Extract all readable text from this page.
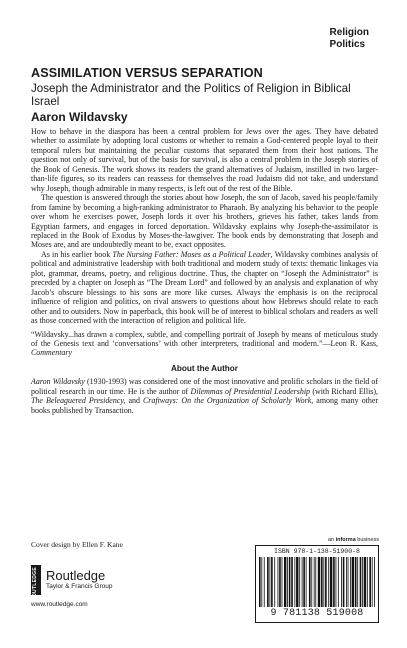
Religion
Politics
ASSIMILATION VERSUS SEPARATION
Joseph the Administrator and the Politics of Religion in Biblical Israel
Aaron Wildavsky

How to behave in the diaspora has been a central problem for Jews over the ages. They have debated whether to assimilate by adopting local customs or whether to remain a God-centered people loyal to their temporal rulers but maintaining the peculiar customs that separated them from their host nations. The question not only of survival, but of the basis for survival, is also a central problem in the Joseph stories of the Book of Genesis. The work shows its readers the grand alternatives of Judaism, instilled in two larger-than-life figures, so its readers can reassess for themselves the road Judaism did not take, and understand why Joseph, though admirable in many respects, is left out of the rest of the Bible.

The question is answered through the stories about how Joseph, the son of Jacob, saved his people/family from famine by becoming a high-ranking administrator to Pharaoh. By analyzing his behavior to the people over whom he exercises power, Joseph lords it over his brothers, grieves his father, takes lands from Egyptian farmers, and engages in forced deportation. Wildavsky explains why Joseph-the-assimilator is replaced in the Book of Exodus by Moses-the-lawgiver. The book ends by demonstrating that Joseph and Moses are, and are undoubtedly meant to be, exact opposites.

As in his earlier book The Nursing Father: Moses as a Political Leader, Wildavsky combines analysis of political and administrative leadership with both traditional and modern study of texts: thematic linkages via plot, grammar, dreams, poetry, and religious doctrine. Thus, the chapter on “Joseph the Administrator” is preceded by a chapter on Joseph as “The Dream Lord” and followed by an analysis and explanation of why Jacob’s obscure blessings to his sons are more like curses. Always the emphasis is on the reciprocal influence of religion and politics, on rival answers to questions about how Hebrews should relate to each other and to outsiders. Now in paperback, this book will be of interest to biblical scholars and readers as well as those concerned with the interaction of religion and political life.

“Wildavsky...has drawn a complex, subtle, and compelling portrait of Joseph by means of meticulous study of the Genesis text and ‘conversations’ with other interpreters, traditional and modern.”—Leon R. Kass, Commentary

About the Author

Aaron Wildavsky (1930-1993) was considered one of the most innovative and prolific scholars in the field of political research in our time. He is the author of Dilemmas of Presidential Leadership (with Richard Ellis), The Beleaguered Presidency, and Craftways: On the Organization of Scholarly Work, among many other books published by Transaction.

Cover design by Ellen F. Kane
ROUTLEDGE Routledge
Taylor & Francis Group
www.routledge.com
an informa business
ISBN 978-1-138-51900-8
9 781138 519008
